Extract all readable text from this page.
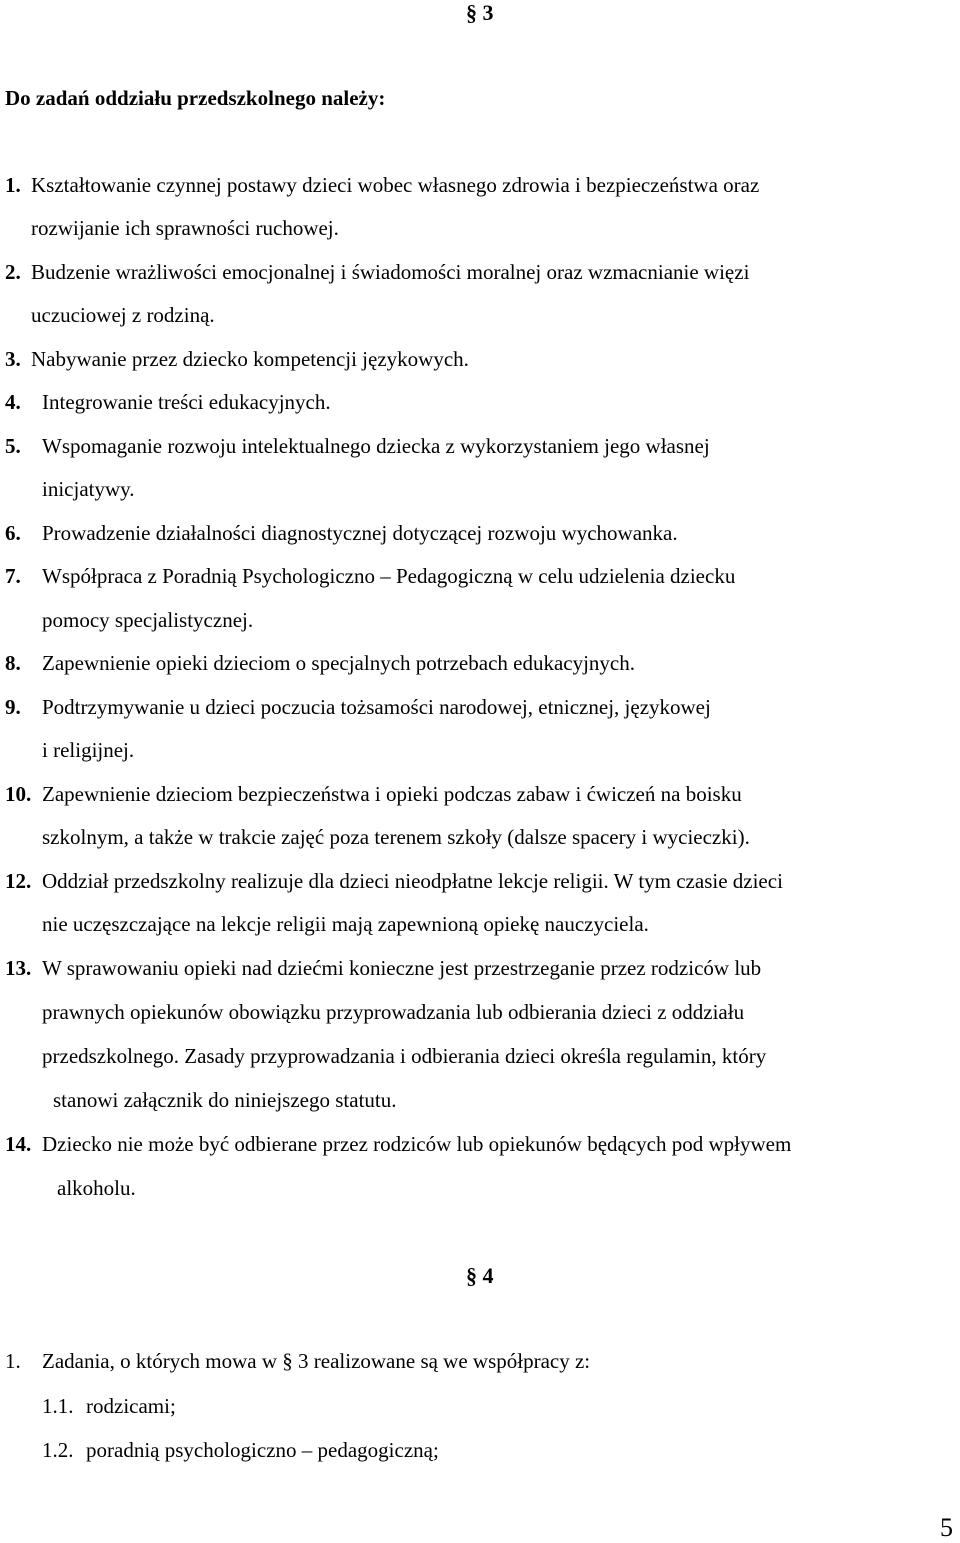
§ 3
Do zadań oddziału przedszkolnego należy:
1. Kształtowanie czynnej postawy dzieci wobec własnego zdrowia i bezpieczeństwa oraz
rozwijanie ich sprawności ruchowej.
2. Budzenie wrażliwości emocjonalnej i świadomości moralnej oraz wzmacnianie więzi
uczuciowej z rodziną.
3. Nabywanie przez dziecko kompetencji językowych.
4. Integrowanie treści edukacyjnych.
5. Wspomaganie rozwoju intelektualnego dziecka z wykorzystaniem jego własnej
inicjatywy.
6. Prowadzenie działalności diagnostycznej dotyczącej rozwoju wychowanka.
7. Współpraca z Poradnią Psychologiczno – Pedagogiczną w celu udzielenia dziecku
pomocy specjalistycznej.
8. Zapewnienie opieki dzieciom o specjalnych potrzebach edukacyjnych.
9. Podtrzymywanie u dzieci poczucia tożsamości narodowej, etnicznej, językowej
i religijnej.
10. Zapewnienie dzieciom bezpieczeństwa i opieki podczas zabaw i ćwiczeń na boisku
szkolnym, a także w trakcie zajęć poza terenem szkoły (dalsze spacery i wycieczki).
12. Oddział przedszkolny realizuje dla dzieci nieodpłatne lekcje religii. W tym czasie dzieci
nie uczęszczające na lekcje religii mają zapewnioną opiekę nauczyciela.
13. W sprawowaniu opieki nad dziećmi konieczne jest przestrzeganie przez rodziców lub
prawnych opiekunów obowiązku przyprowadzania lub odbierania dzieci z oddziału
przedszkolnego. Zasady przyprowadzania i odbierania dzieci określa regulamin, który
stanowi załącznik do niniejszego statutu.
14. Dziecko nie może być odbierane przez rodziców lub opiekunów będących pod wpływem
alkoholu.
§ 4
1. Zadania, o których mowa w § 3 realizowane są we współpracy z:
1.1. rodzicami;
1.2. poradnią psychologiczno – pedagogiczną;
5
